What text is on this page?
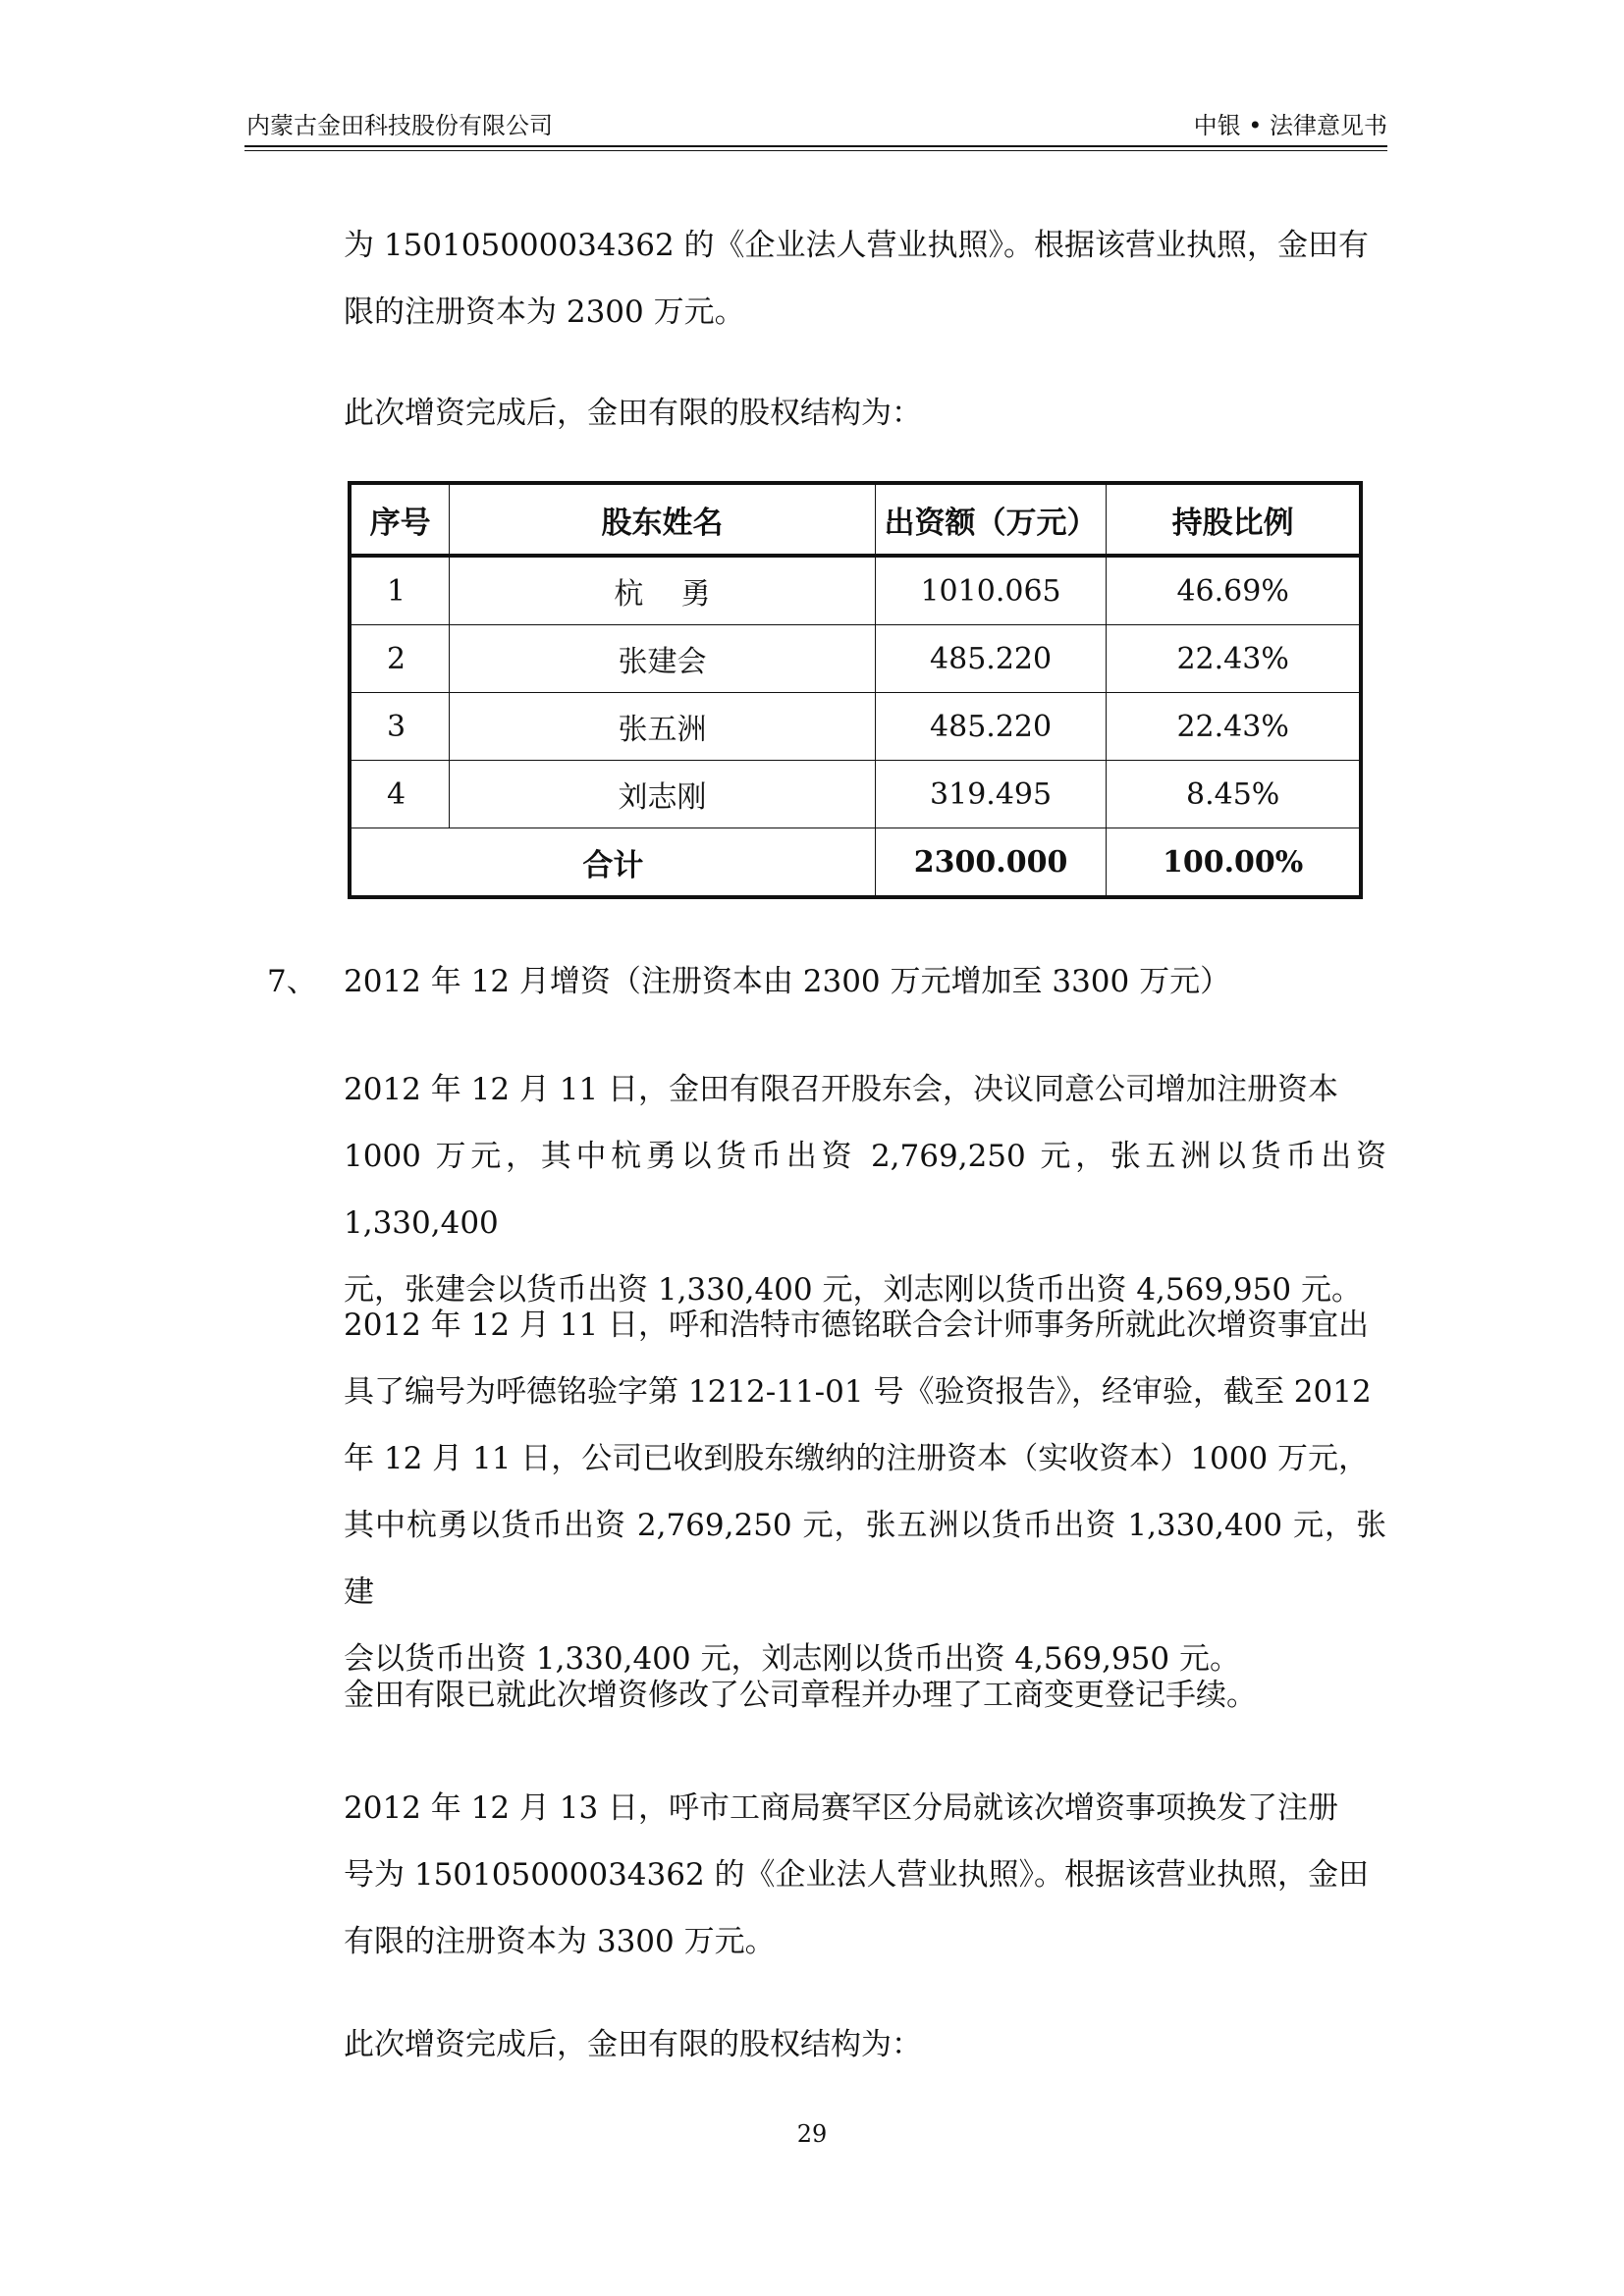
内蒙古金田科技股份有限公司	中银 • 法律意见书

为 150105000034362 的《企业法人营业执照》。根据该营业执照，金田有
限的注册资本为 2300 万元。

此次增资完成后，金田有限的股权结构为：

序号	股东姓名	出资额（万元）	持股比例
1	杭    勇	1010.065	46.69%
2	张建会	485.220	22.43%
3	张五洲	485.220	22.43%
4	刘志刚	319.495	8.45%
合计		2300.000	100.00%

7、 2012 年 12 月增资（注册资本由 2300 万元增加至 3300 万元）

2012 年 12 月 11 日，金田有限召开股东会，决议同意公司增加注册资本
1000 万元，其中杭勇以货币出资 2,769,250 元，张五洲以货币出资 1,330,400
元，张建会以货币出资 1,330,400 元，刘志刚以货币出资 4,569,950 元。

2012 年 12 月 11 日，呼和浩特市德铭联合会计师事务所就此次增资事宜出
具了编号为呼德铭验字第 1212-11-01 号《验资报告》，经审验，截至 2012
年 12 月 11 日，公司已收到股东缴纳的注册资本（实收资本）1000 万元，
其中杭勇以货币出资 2,769,250 元，张五洲以货币出资 1,330,400 元，张建
会以货币出资 1,330,400 元，刘志刚以货币出资 4,569,950 元。

金田有限已就此次增资修改了公司章程并办理了工商变更登记手续。

2012 年 12 月 13 日，呼市工商局赛罕区分局就该次增资事项换发了注册
号为 150105000034362 的《企业法人营业执照》。根据该营业执照，金田
有限的注册资本为 3300 万元。

此次增资完成后，金田有限的股权结构为：

29
